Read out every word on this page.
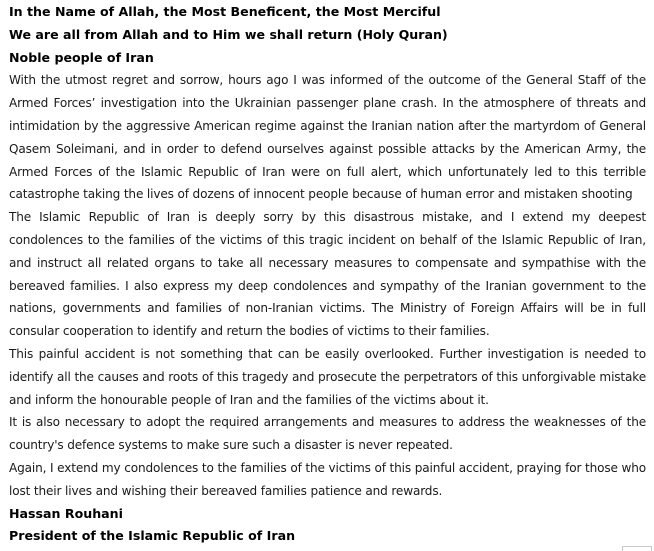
In the Name of Allah, the Most Beneficent, the Most Merciful

We are all from Allah and to Him we shall return (Holy Quran)

Noble people of Iran

With the utmost regret and sorrow, hours ago I was informed of the outcome of the General Staff of the Armed Forces’ investigation into the Ukrainian passenger plane crash. In the atmosphere of threats and intimidation by the aggressive American regime against the Iranian nation after the martyrdom of General Qasem Soleimani, and in order to defend ourselves against possible attacks by the American Army, the Armed Forces of the Islamic Republic of Iran were on full alert, which unfortunately led to this terrible catastrophe taking the lives of dozens of innocent people because of human error and mistaken shooting

The Islamic Republic of Iran is deeply sorry by this disastrous mistake, and I extend my deepest condolences to the families of the victims of this tragic incident on behalf of the Islamic Republic of Iran, and instruct all related organs to take all necessary measures to compensate and sympathise with the bereaved families. I also express my deep condolences and sympathy of the Iranian government to the nations, governments and families of non-Iranian victims. The Ministry of Foreign Affairs will be in full consular cooperation to identify and return the bodies of victims to their families.

This painful accident is not something that can be easily overlooked. Further investigation is needed to identify all the causes and roots of this tragedy and prosecute the perpetrators of this unforgivable mistake and inform the honourable people of Iran and the families of the victims about it.

It is also necessary to adopt the required arrangements and measures to address the weaknesses of the country's defence systems to make sure such a disaster is never repeated.

Again, I extend my condolences to the families of the victims of this painful accident, praying for those who lost their lives and wishing their bereaved families patience and rewards.

Hassan Rouhani

President of the Islamic Republic of Iran
